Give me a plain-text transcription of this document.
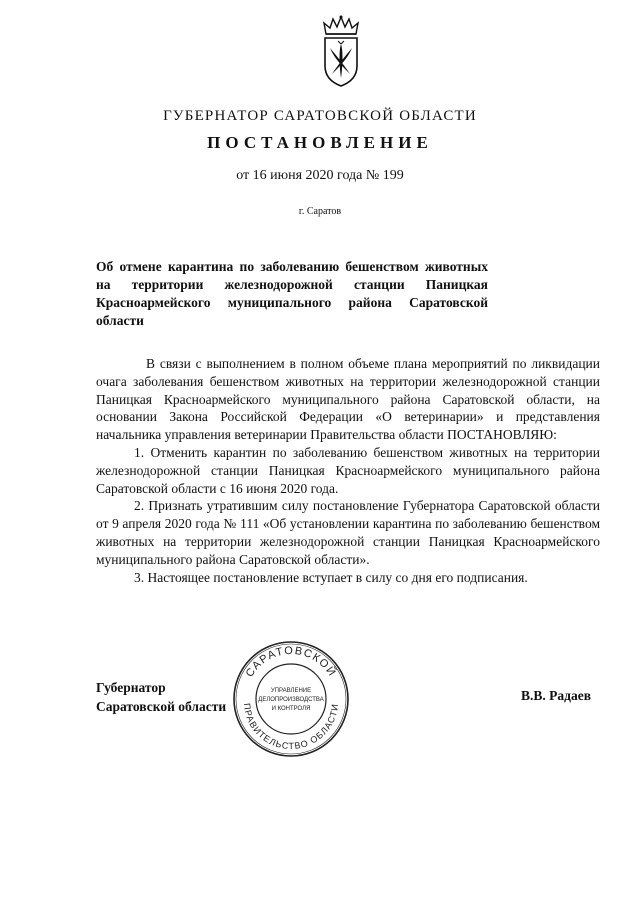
ГУБЕРНАТОР САРАТОВСКОЙ ОБЛАСТИ
ПОСТАНОВЛЕНИЕ
от 16 июня 2020 года № 199
г. Саратов
Об отмене карантина по заболеванию бешенством животных на территории железнодорожной станции Паницкая Красноармейского муниципального района Саратовской области

В связи с выполнением в полном объеме плана мероприятий по ликвидации очага заболевания бешенством животных на территории железнодорожной станции Паницкая Красноармейского муниципального района Саратовской области, на основании Закона Российской Федерации «О ветеринарии» и представления начальника управления ветеринарии Правительства области ПОСТАНОВЛЯЮ:

1. Отменить карантин по заболеванию бешенством животных на территории железнодорожной станции Паницкая Красноармейского муниципального района Саратовской области с 16 июня 2020 года.

2. Признать утратившим силу постановление Губернатора Саратовской области от 9 апреля 2020 года № 111 «Об установлении карантина по заболеванию бешенством животных на территории железнодорожной станции Паницкая Красноармейского муниципального района Саратовской области».

3. Настоящее постановление вступает в силу со дня его подписания.

Губернатор
Саратовской области
САРАТОВСКОЙ
ПРАВИТЕЛЬСТВО ОБЛАСТИ
УПРАВЛЕНИЕ
ДЕЛОПРОИЗВОДСТВА
И КОНТРОЛЯ
В.В. Радаев
